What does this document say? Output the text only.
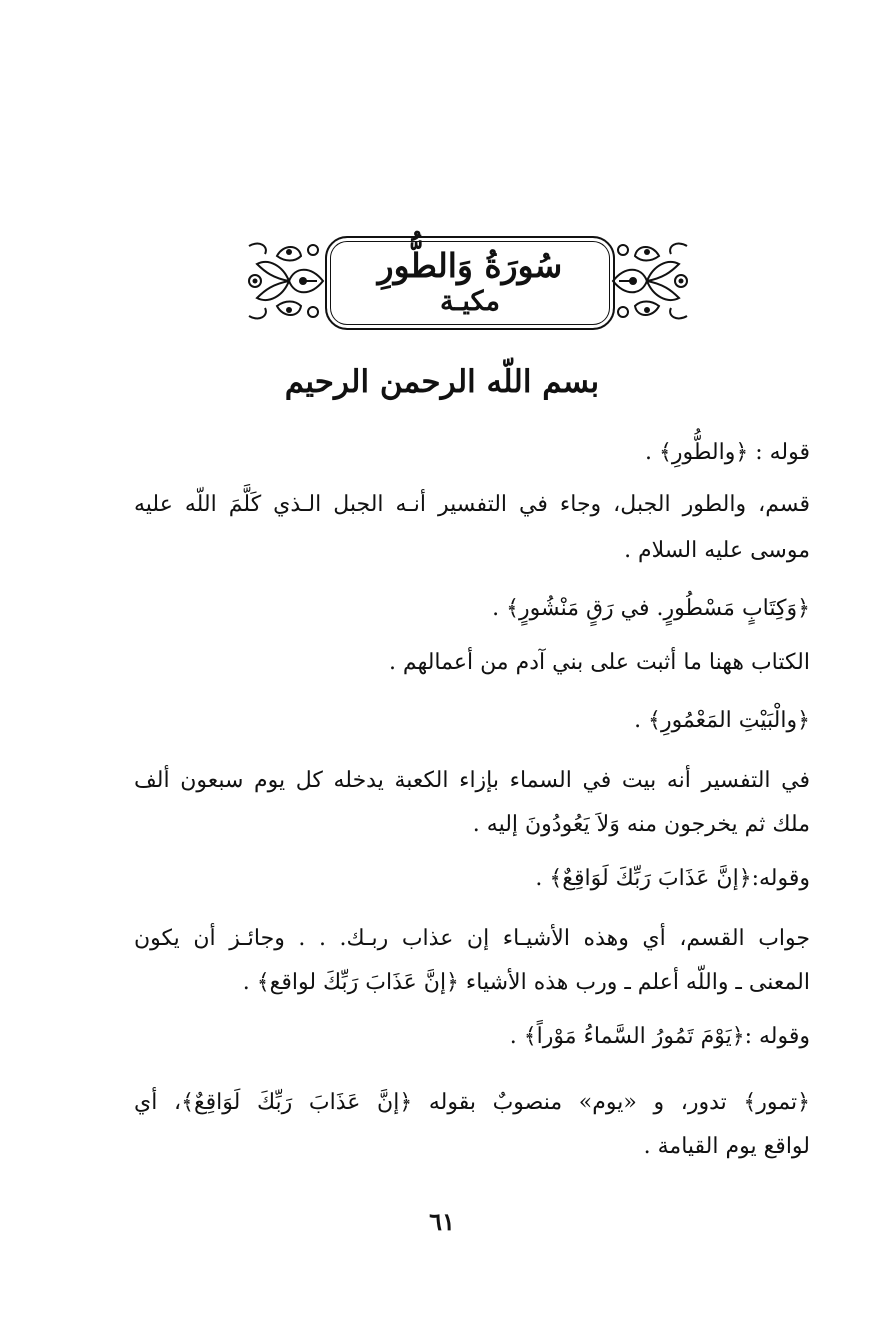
سُورَةُ وَالطُّورِ
مكيـة
بسم اللّه الرحمن الرحيم
قوله : ﴿والطُّورِ﴾ .
قسم، والطور الجبل، وجاء في التفسير أنـه الجبل الـذي كَلَّمَ اللّه عليه
موسى عليه السلام .
﴿وَكِتَابٍ مَسْطُورٍ. في رَقٍ مَنْشُورٍ﴾ .
الكتاب ههنا ما أثبت على بني آدم من أعمالهم .
﴿والْبَيْتِ المَعْمُورِ﴾ .
في التفسير أنه بيت في السماء بإزاء الكعبة يدخله كل يوم سبعون ألف
ملك ثم يخرجون منه وَلاَ يَعُودُونَ إليه .
وقوله:﴿إنَّ عَذَابَ رَبِّكَ لَوَاقِعٌ﴾ .
جواب القسم، أي وهذه الأشيـاء إن عذاب ربـك. . . وجائـز أن يكون
المعنى ـ واللّه أعلم ـ ورب هذه الأشياء ﴿إنَّ عَذَابَ رَبِّكَ لواقع﴾ .
وقوله :﴿يَوْمَ تَمُورُ السَّماءُ مَوْراً﴾ .
﴿تمور﴾ تدور، و «يوم» منصوبٌ بقوله ﴿إنَّ عَذَابَ رَبِّكَ لَوَاقِعٌ﴾، أي
لواقع يوم القيامة .
٦١
